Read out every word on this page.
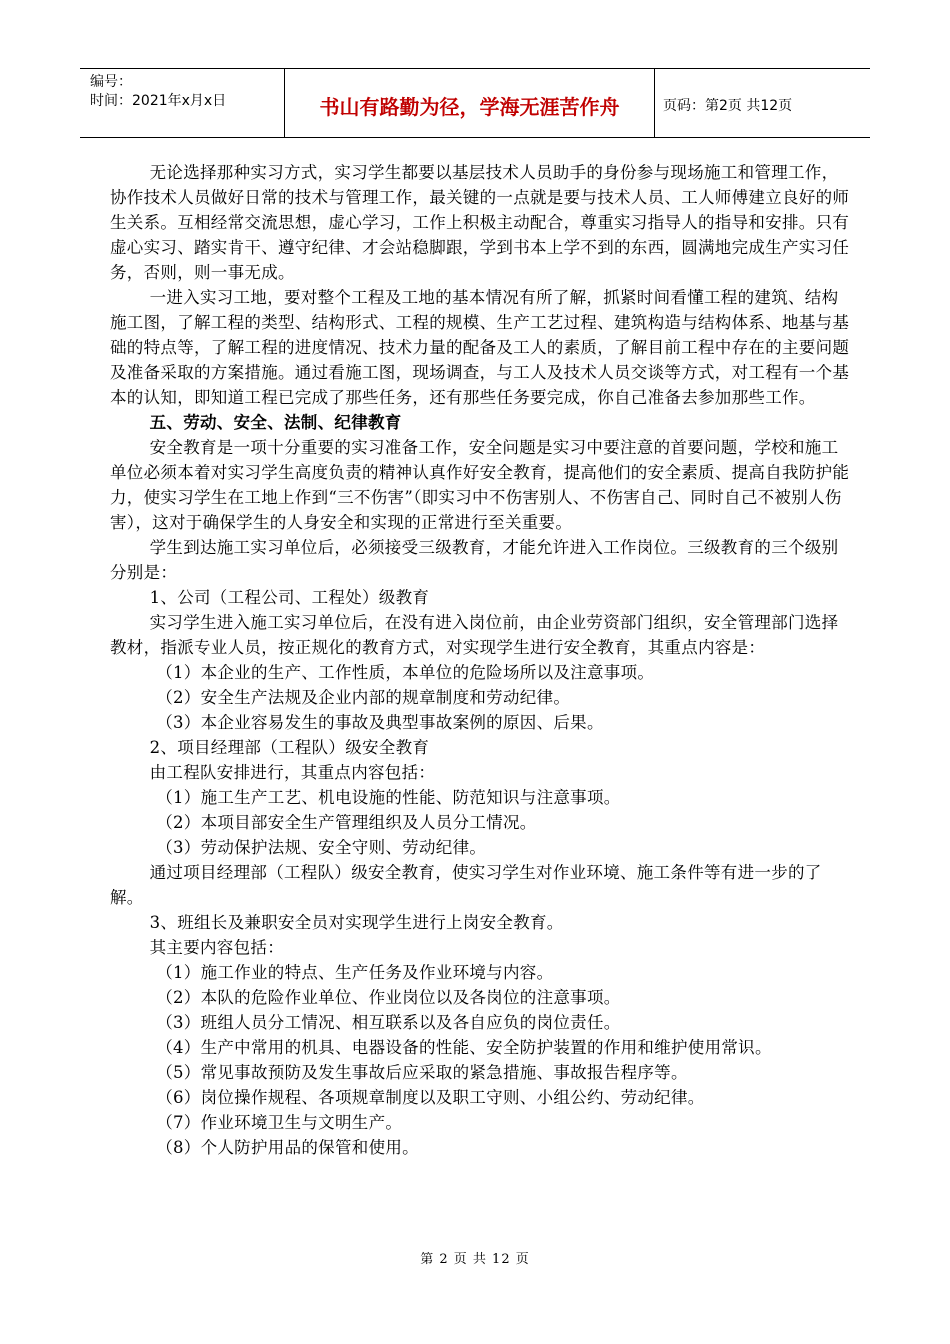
编号：
时间：2021年x月x日	书山有路勤为径，学海无涯苦作舟	页码：第2页 共12页

无论选择那种实习方式，实习学生都要以基层技术人员助手的身份参与现场施工和管理工作，协作技术人员做好日常的技术与管理工作，最关键的一点就是要与技术人员、工人师傅建立良好的师生关系。互相经常交流思想，虚心学习，工作上积极主动配合，尊重实习指导人的指导和安排。只有虚心实习、踏实肯干、遵守纪律、才会站稳脚跟，学到书本上学不到的东西，圆满地完成生产实习任务，否则，则一事无成。

一进入实习工地，要对整个工程及工地的基本情况有所了解，抓紧时间看懂工程的建筑、结构施工图，了解工程的类型、结构形式、工程的规模、生产工艺过程、建筑构造与结构体系、地基与基础的特点等，了解工程的进度情况、技术力量的配备及工人的素质，了解目前工程中存在的主要问题及准备采取的方案措施。通过看施工图，现场调查，与工人及技术人员交谈等方式，对工程有一个基本的认知，即知道工程已完成了那些任务，还有那些任务要完成，你自己准备去参加那些工作。

五、劳动、安全、法制、纪律教育

安全教育是一项十分重要的实习准备工作，安全问题是实习中要注意的首要问题，学校和施工单位必须本着对实习学生高度负责的精神认真作好安全教育，提高他们的安全素质、提高自我防护能力，使实习学生在工地上作到“三不伤害”（即实习中不伤害别人、不伤害自己、同时自己不被别人伤害），这对于确保学生的人身安全和实现的正常进行至关重要。

学生到达施工实习单位后，必须接受三级教育，才能允许进入工作岗位。三级教育的三个级别分别是：

1、公司（工程公司、工程处）级教育

实习学生进入施工实习单位后，在没有进入岗位前，由企业劳资部门组织，安全管理部门选择教材，指派专业人员，按正规化的教育方式，对实现学生进行安全教育，其重点内容是：

（1）本企业的生产、工作性质，本单位的危险场所以及注意事项。

（2）安全生产法规及企业内部的规章制度和劳动纪律。

（3）本企业容易发生的事故及典型事故案例的原因、后果。

2、项目经理部（工程队）级安全教育

由工程队安排进行，其重点内容包括：

（1）施工生产工艺、机电设施的性能、防范知识与注意事项。

（2）本项目部安全生产管理组织及人员分工情况。

（3）劳动保护法规、安全守则、劳动纪律。

通过项目经理部（工程队）级安全教育，使实习学生对作业环境、施工条件等有进一步的了解。

3、班组长及兼职安全员对实现学生进行上岗安全教育。

其主要内容包括：

（1）施工作业的特点、生产任务及作业环境与内容。

（2）本队的危险作业单位、作业岗位以及各岗位的注意事项。

（3）班组人员分工情况、相互联系以及各自应负的岗位责任。

（4）生产中常用的机具、电器设备的性能、安全防护装置的作用和维护使用常识。

（5）常见事故预防及发生事故后应采取的紧急措施、事故报告程序等。

（6）岗位操作规程、各项规章制度以及职工守则、小组公约、劳动纪律。

（7）作业环境卫生与文明生产。

（8）个人防护用品的保管和使用。

第 2 页 共 12 页
